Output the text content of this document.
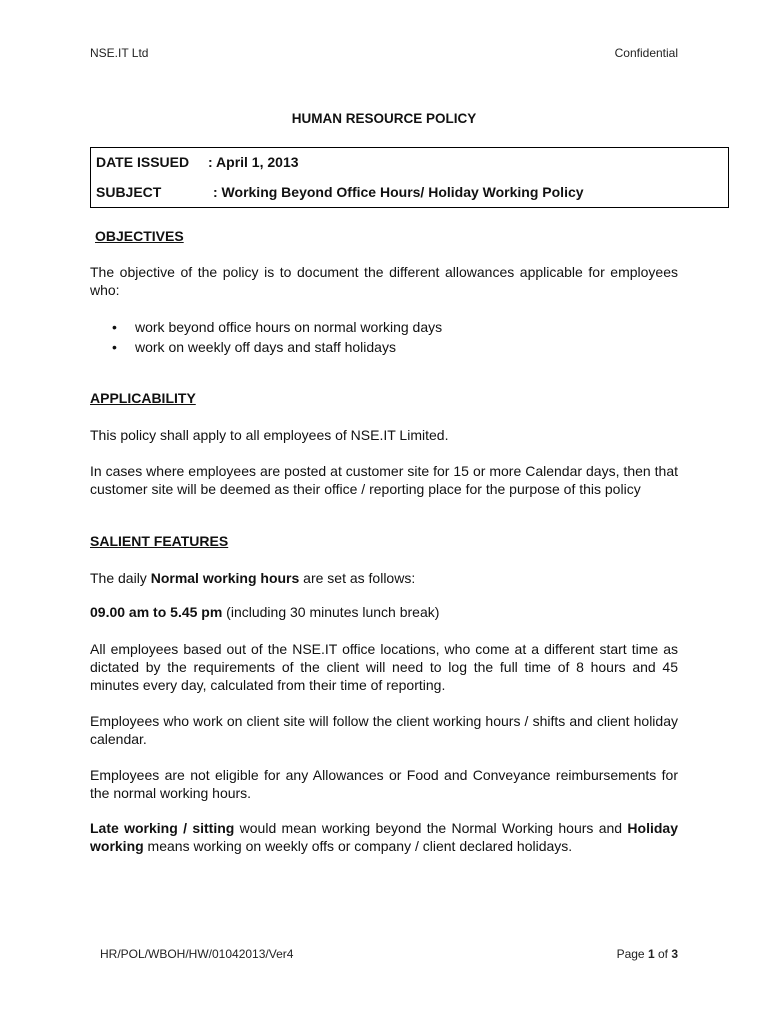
NSE.IT Ltd	Confidential
HUMAN RESOURCE POLICY
DATE ISSUED : April 1, 2013
SUBJECT	: Working Beyond Office Hours/ Holiday Working Policy
OBJECTIVES
The objective of the policy is to document the different allowances applicable for employees who:
• work beyond office hours on normal working days
• work on weekly off days and staff holidays
APPLICABILITY
This policy shall apply to all employees of NSE.IT Limited.
In cases where employees are posted at customer site for 15 or more Calendar days, then that customer site will be deemed as their office / reporting place for the purpose of this policy
SALIENT FEATURES
The daily Normal working hours are set as follows:
09.00 am to 5.45 pm (including 30 minutes lunch break)
All employees based out of the NSE.IT office locations, who come at a different start time as dictated by the requirements of the client will need to log the full time of 8 hours and 45 minutes every day, calculated from their time of reporting.
Employees who work on client site will follow the client working hours / shifts and client holiday calendar.
Employees are not eligible for any Allowances or Food and Conveyance reimbursements for the normal working hours.
Late working / sitting would mean working beyond the Normal Working hours and Holiday working means working on weekly offs or company / client declared holidays.
HR/POL/WBOH/HW/01042013/Ver4	Page 1 of 3
